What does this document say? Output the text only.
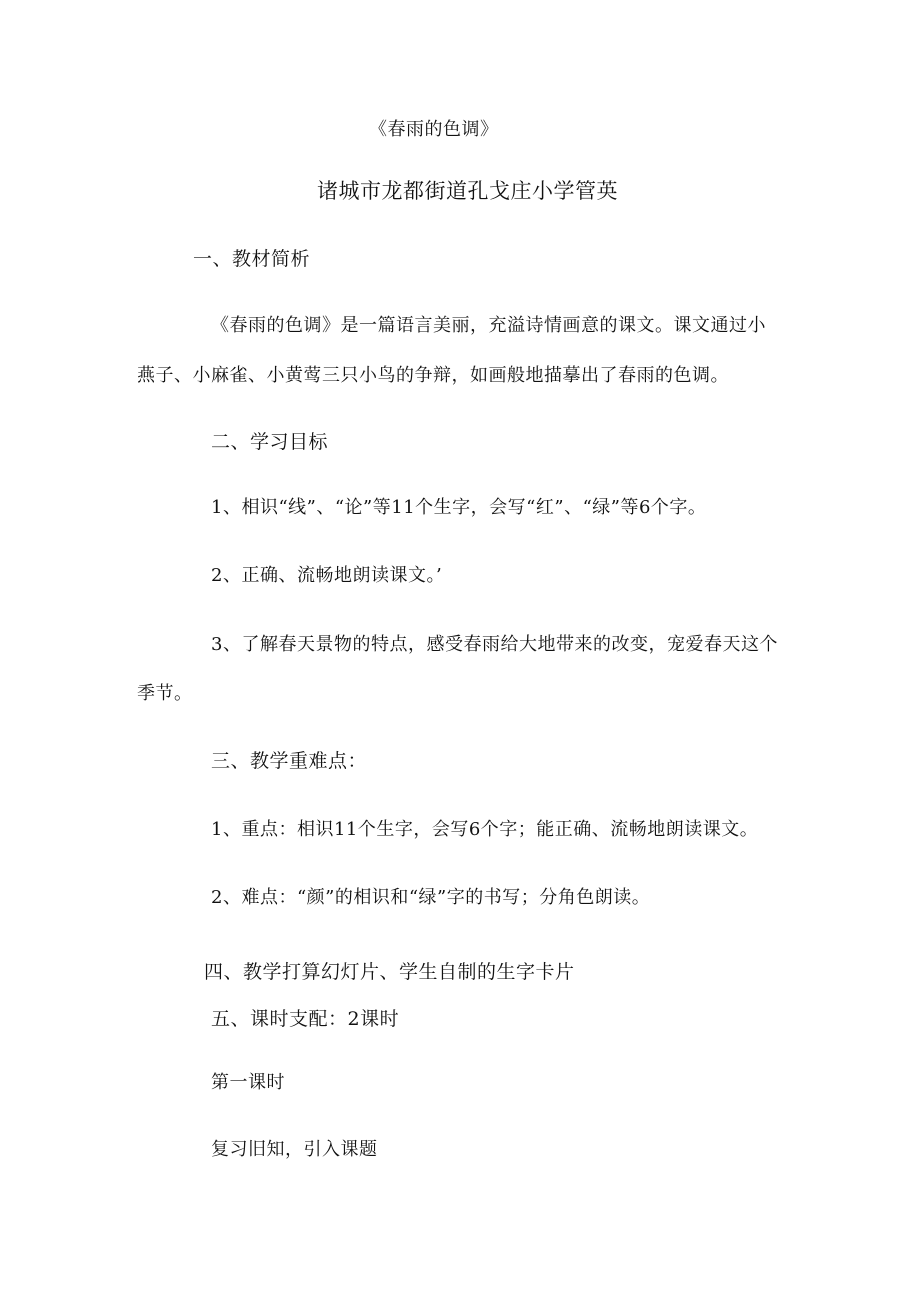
《春雨的色调》
诸城市龙都街道孔戈庄小学管英
一、教材简析
《春雨的色调》是一篇语言美丽，充溢诗情画意的课文。课文通过小
燕子、小麻雀、小黄莺三只小鸟的争辩，如画般地描摹出了春雨的色调。
二、学习目标
1、相识“线”、“论”等11个生字，会写“红”、“绿”等6个字。
2、正确、流畅地朗读课文。’
3、了解春天景物的特点，感受春雨给大地带来的改变，宠爱春天这个
季节。
三、教学重难点：
1、重点：相识11个生字，会写6个字；能正确、流畅地朗读课文。
2、难点：“颜”的相识和“绿”字的书写；分角色朗读。
四、教学打算幻灯片、学生自制的生字卡片
五、课时支配：2课时
第一课时
复习旧知，引入课题
